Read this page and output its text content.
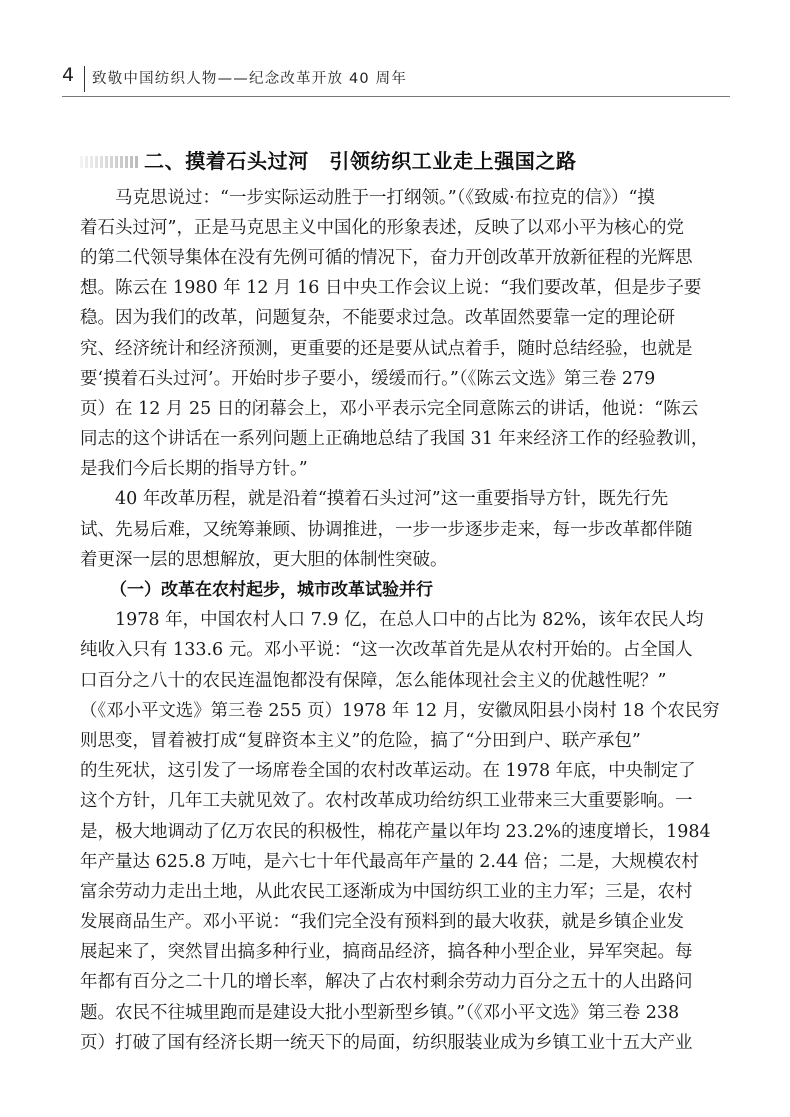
4 致敬中国纺织人物——纪念改革开放 40 周年
二、摸着石头过河　引领纺织工业走上强国之路
　　马克思说过：“一步实际运动胜于一打纲领。”（《致威·布拉克的信》）“摸
着石头过河”，正是马克思主义中国化的形象表述，反映了以邓小平为核心的党
的第二代领导集体在没有先例可循的情况下，奋力开创改革开放新征程的光辉思
想。陈云在 1980 年 12 月 16 日中央工作会议上说：“我们要改革，但是步子要
稳。因为我们的改革，问题复杂，不能要求过急。改革固然要靠一定的理论研
究、经济统计和经济预测，更重要的还是要从试点着手，随时总结经验，也就是
要‘摸着石头过河’。开始时步子要小，缓缓而行。”（《陈云文选》第三卷 279
页）在 12 月 25 日的闭幕会上，邓小平表示完全同意陈云的讲话，他说：“陈云
同志的这个讲话在一系列问题上正确地总结了我国 31 年来经济工作的经验教训，
是我们今后长期的指导方针。”
　　40 年改革历程，就是沿着“摸着石头过河”这一重要指导方针，既先行先
试、先易后难，又统筹兼顾、协调推进，一步一步逐步走来，每一步改革都伴随
着更深一层的思想解放，更大胆的体制性突破。
（一）改革在农村起步，城市改革试验并行
　　1978 年，中国农村人口 7.9 亿，在总人口中的占比为 82%，该年农民人均
纯收入只有 133.6 元。邓小平说：“这一次改革首先是从农村开始的。占全国人
口百分之八十的农民连温饱都没有保障，怎么能体现社会主义的优越性呢？”
（《邓小平文选》第三卷 255 页）1978 年 12 月，安徽凤阳县小岗村 18 个农民穷
则思变，冒着被打成“复辟资本主义”的危险，搞了“分田到户、联产承包”
的生死状，这引发了一场席卷全国的农村改革运动。在 1978 年底，中央制定了
这个方针，几年工夫就见效了。农村改革成功给纺织工业带来三大重要影响。一
是，极大地调动了亿万农民的积极性，棉花产量以年均 23.2%的速度增长，1984
年产量达 625.8 万吨，是六七十年代最高年产量的 2.44 倍；二是，大规模农村
富余劳动力走出土地，从此农民工逐渐成为中国纺织工业的主力军；三是，农村
发展商品生产。邓小平说：“我们完全没有预料到的最大收获，就是乡镇企业发
展起来了，突然冒出搞多种行业，搞商品经济，搞各种小型企业，异军突起。每
年都有百分之二十几的增长率，解决了占农村剩余劳动力百分之五十的人出路问
题。农民不往城里跑而是建设大批小型新型乡镇。”（《邓小平文选》第三卷 238
页）打破了国有经济长期一统天下的局面，纺织服装业成为乡镇工业十五大产业
